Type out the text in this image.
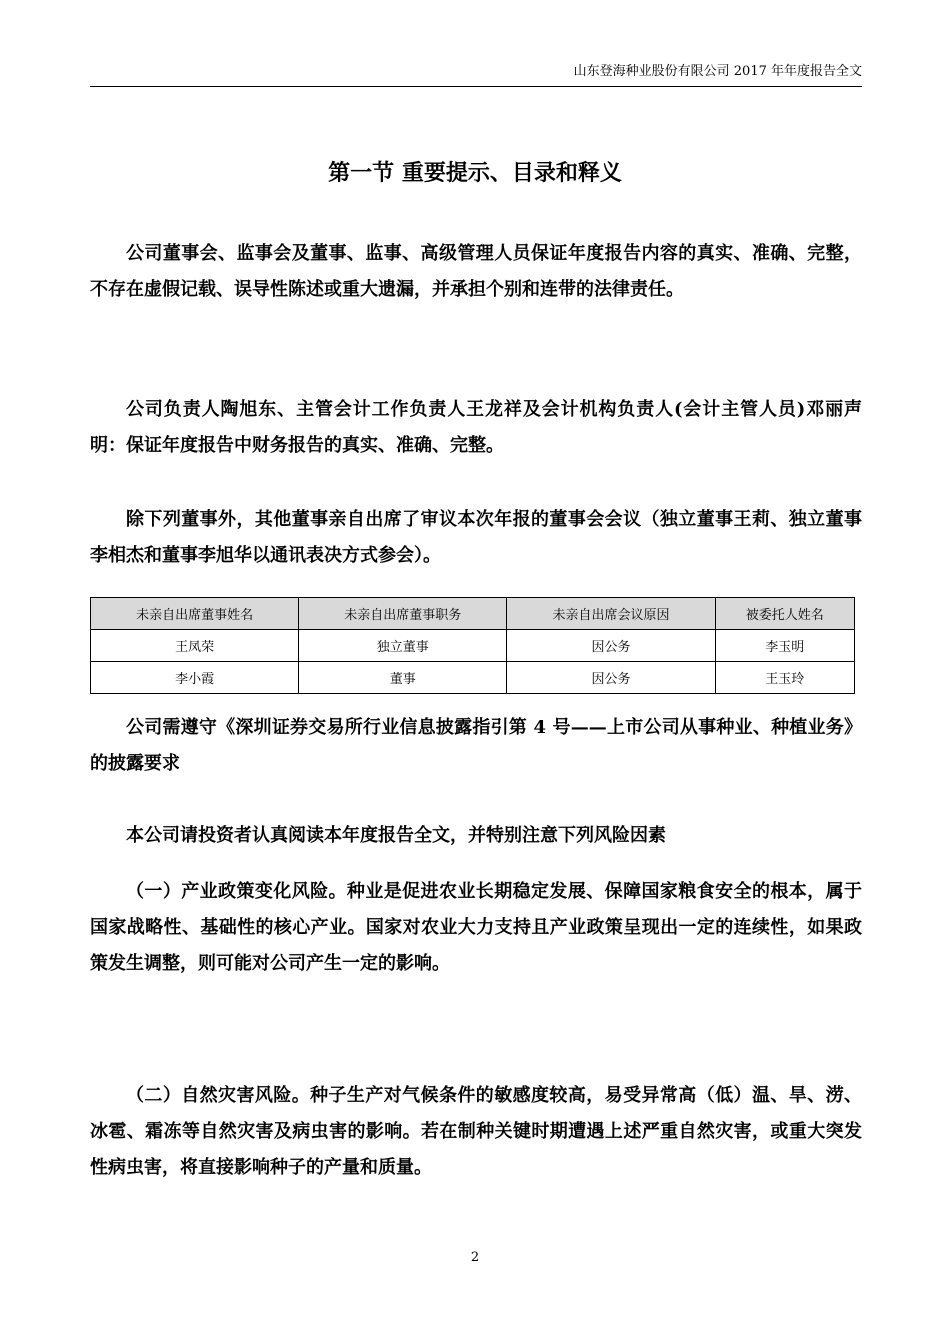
山东登海种业股份有限公司 2017 年年度报告全文
第一节 重要提示、目录和释义

公司董事会、监事会及董事、监事、高级管理人员保证年度报告内容的真实、准确、完整，不存在虚假记载、误导性陈述或重大遗漏，并承担个别和连带的法律责任。

公司负责人陶旭东、主管会计工作负责人王龙祥及会计机构负责人(会计主管人员)邓丽声明：保证年度报告中财务报告的真实、准确、完整。

除下列董事外，其他董事亲自出席了审议本次年报的董事会会议（独立董事王莉、独立董事李相杰和董事李旭华以通讯表决方式参会）。

未亲自出席董事姓名	未亲自出席董事职务	未亲自出席会议原因	被委托人姓名
王凤荣	独立董事	因公务	李玉明
李小霞	董事	因公务	王玉玲

公司需遵守《深圳证券交易所行业信息披露指引第 4 号——上市公司从事种业、种植业务》的披露要求

本公司请投资者认真阅读本年度报告全文，并特别注意下列风险因素

（一）产业政策变化风险。种业是促进农业长期稳定发展、保障国家粮食安全的根本，属于国家战略性、基础性的核心产业。国家对农业大力支持且产业政策呈现出一定的连续性，如果政策发生调整，则可能对公司产生一定的影响。

（二）自然灾害风险。种子生产对气候条件的敏感度较高，易受异常高（低）温、旱、涝、冰雹、霜冻等自然灾害及病虫害的影响。若在制种关键时期遭遇上述严重自然灾害，或重大突发性病虫害，将直接影响种子的产量和质量。

2
